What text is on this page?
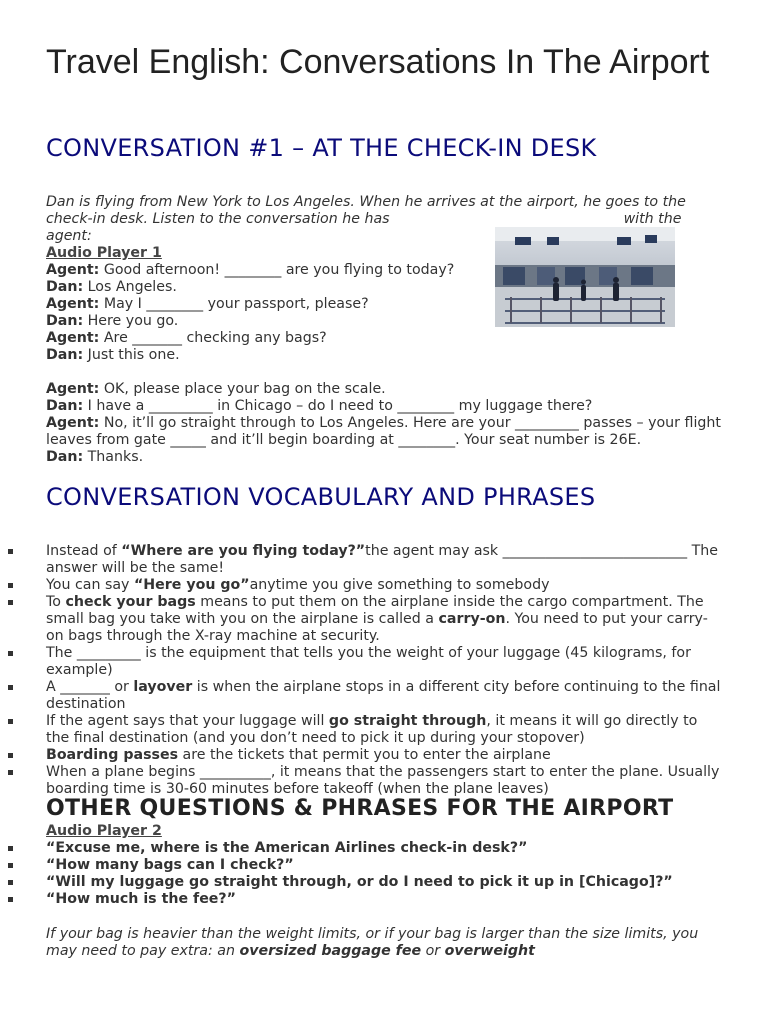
Travel English: Conversations In The Airport
CONVERSATION #1 – AT THE CHECK-IN DESK

Dan is flying from New York to Los Angeles. When he arrives at the airport, he goes to the check-in desk. Listen to the conversation he has	with the agent:

Audio Player 1

Agent: Good afternoon! ________ are you flying to today?

Dan: Los Angeles.

Agent: May I ________ your passport, please?

Dan: Here you go.

Agent: Are _______ checking any bags?

Dan: Just this one.

Agent: OK, please place your bag on the scale.

Dan: I have a _________ in Chicago – do I need to ________ my luggage there?

Agent: No, it’ll go straight through to Los Angeles. Here are your _________ passes – your flight leaves from gate _____ and it’ll begin boarding at ________. Your seat number is 26E.

Dan: Thanks.

CONVERSATION VOCABULARY AND PHRASES
Instead of “Where are you flying today?”the agent may ask __________________________ The answer will be the same!
You can say “Here you go”anytime you give something to somebody
To check your bags means to put them on the airplane inside the cargo compartment. The small bag you take with you on the airplane is called a carry-on. You need to put your carry-on bags through the X-ray machine at security.
The _________ is the equipment that tells you the weight of your luggage (45 kilograms, for example)
A _______ or layover is when the airplane stops in a different city before continuing to the final destination
If the agent says that your luggage will go straight through, it means it will go directly to the final destination (and you don’t need to pick it up during your stopover)
Boarding passes are the tickets that permit you to enter the airplane
When a plane begins __________, it means that the passengers start to enter the plane. Usually boarding time is 30-60 minutes before takeoff (when the plane leaves)
OTHER QUESTIONS & PHRASES FOR THE AIRPORT
Audio Player 2
“Excuse me, where is the American Airlines check-in desk?”
“How many bags can I check?”
“Will my luggage go straight through, or do I need to pick it up in [Chicago]?”
“How much is the fee?”

If your bag is heavier than the weight limits, or if your bag is larger than the size limits, you may need to pay extra: an oversized baggage fee or overweight
